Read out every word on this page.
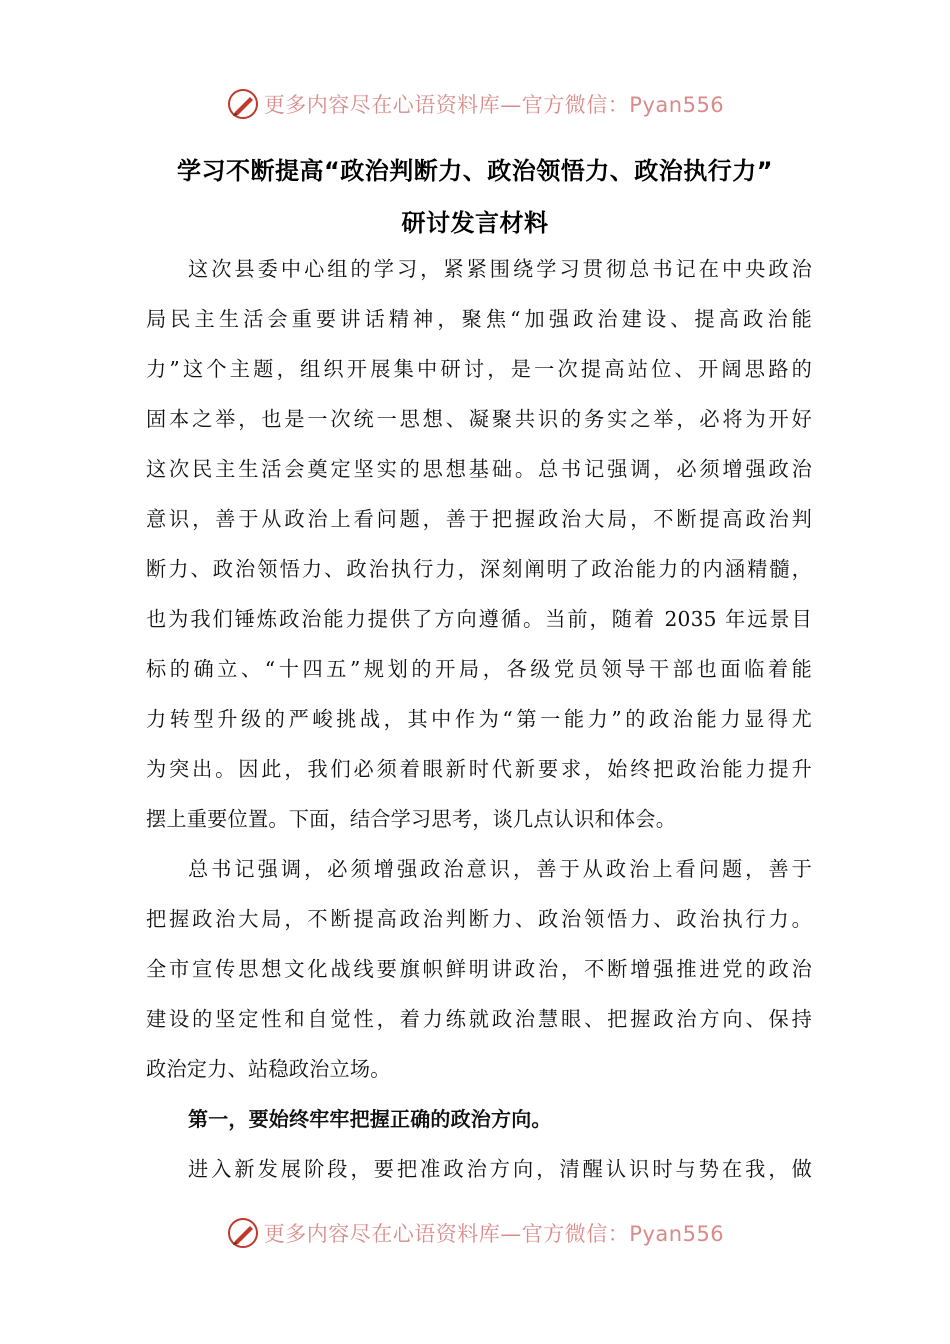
更多内容尽在心语资料库—官方微信：Pyan556
学习不断提高“政治判断力、政治领悟力、政治执行力”
研讨发言材料
这次县委中心组的学习，紧紧围绕学习贯彻总书记在中央政治
局民主生活会重要讲话精神，聚焦“加强政治建设、提高政治能
力”这个主题，组织开展集中研讨，是一次提高站位、开阔思路的
固本之举，也是一次统一思想、凝聚共识的务实之举，必将为开好
这次民主生活会奠定坚实的思想基础。总书记强调，必须增强政治
意识，善于从政治上看问题，善于把握政治大局，不断提高政治判
断力、政治领悟力、政治执行力，深刻阐明了政治能力的内涵精髓，
也为我们锤炼政治能力提供了方向遵循。当前，随着 2035 年远景目
标的确立、“十四五”规划的开局，各级党员领导干部也面临着能
力转型升级的严峻挑战，其中作为“第一能力”的政治能力显得尤
为突出。因此，我们必须着眼新时代新要求，始终把政治能力提升
摆上重要位置。下面，结合学习思考，谈几点认识和体会。
总书记强调，必须增强政治意识，善于从政治上看问题，善于
把握政治大局，不断提高政治判断力、政治领悟力、政治执行力。
全市宣传思想文化战线要旗帜鲜明讲政治，不断增强推进党的政治
建设的坚定性和自觉性，着力练就政治慧眼、把握政治方向、保持
政治定力、站稳政治立场。
第一，要始终牢牢把握正确的政治方向。
进入新发展阶段，要把准政治方向，清醒认识时与势在我，做
更多内容尽在心语资料库—官方微信：Pyan556
